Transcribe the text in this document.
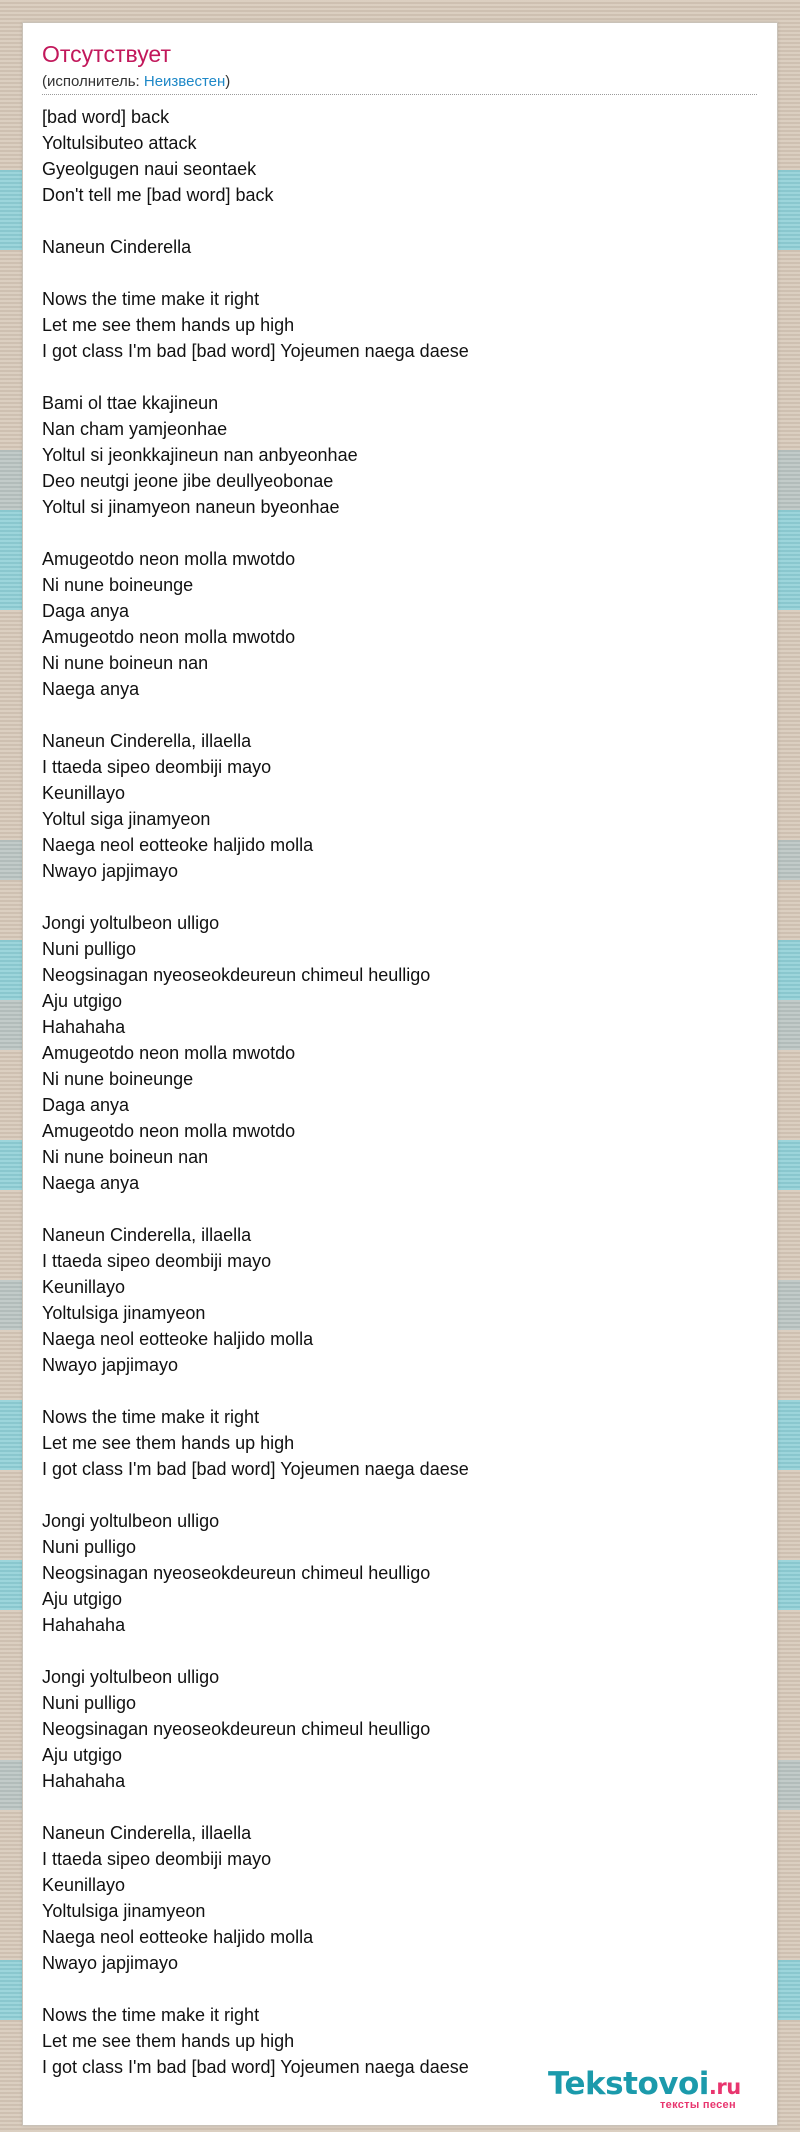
Отсутствует
(исполнитель: Неизвестен)
[bad word] back
Yoltulsibuteo attack
Gyeolgugen naui seontaek
Don't tell me [bad word] back
Naneun Cinderella
Nows the time make it right
Let me see them hands up high
I got class I'm bad [bad word] Yojeumen naega daese
Bami ol ttae kkajineun
Nan cham yamjeonhae
Yoltul si jeonkkajineun nan anbyeonhae
Deo neutgi jeone jibe deullyeobonae
Yoltul si jinamyeon naneun byeonhae
Amugeotdo neon molla mwotdo
Ni nune boineunge
Daga anya
Amugeotdo neon molla mwotdo
Ni nune boineun nan
Naega anya
Naneun Cinderella, illaella
I ttaeda sipeo deombiji mayo
Keunillayo
Yoltul siga jinamyeon
Naega neol eotteoke haljido molla
Nwayo japjimayo
Jongi yoltulbeon ulligo
Nuni pulligo
Neogsinagan nyeoseokdeureun chimeul heulligo
Aju utgigo
Hahahaha
Amugeotdo neon molla mwotdo
Ni nune boineunge
Daga anya
Amugeotdo neon molla mwotdo
Ni nune boineun nan
Naega anya
Naneun Cinderella, illaella
I ttaeda sipeo deombiji mayo
Keunillayo
Yoltulsiga jinamyeon
Naega neol eotteoke haljido molla
Nwayo japjimayo
Nows the time make it right
Let me see them hands up high
I got class I'm bad [bad word] Yojeumen naega daese
Jongi yoltulbeon ulligo
Nuni pulligo
Neogsinagan nyeoseokdeureun chimeul heulligo
Aju utgigo
Hahahaha
Jongi yoltulbeon ulligo
Nuni pulligo
Neogsinagan nyeoseokdeureun chimeul heulligo
Aju utgigo
Hahahaha
Naneun Cinderella, illaella
I ttaeda sipeo deombiji mayo
Keunillayo
Yoltulsiga jinamyeon
Naega neol eotteoke haljido molla
Nwayo japjimayo
Nows the time make it right
Let me see them hands up high
I got class I'm bad [bad word] Yojeumen naega daese	Tekstovoi.ru
тексты песен
